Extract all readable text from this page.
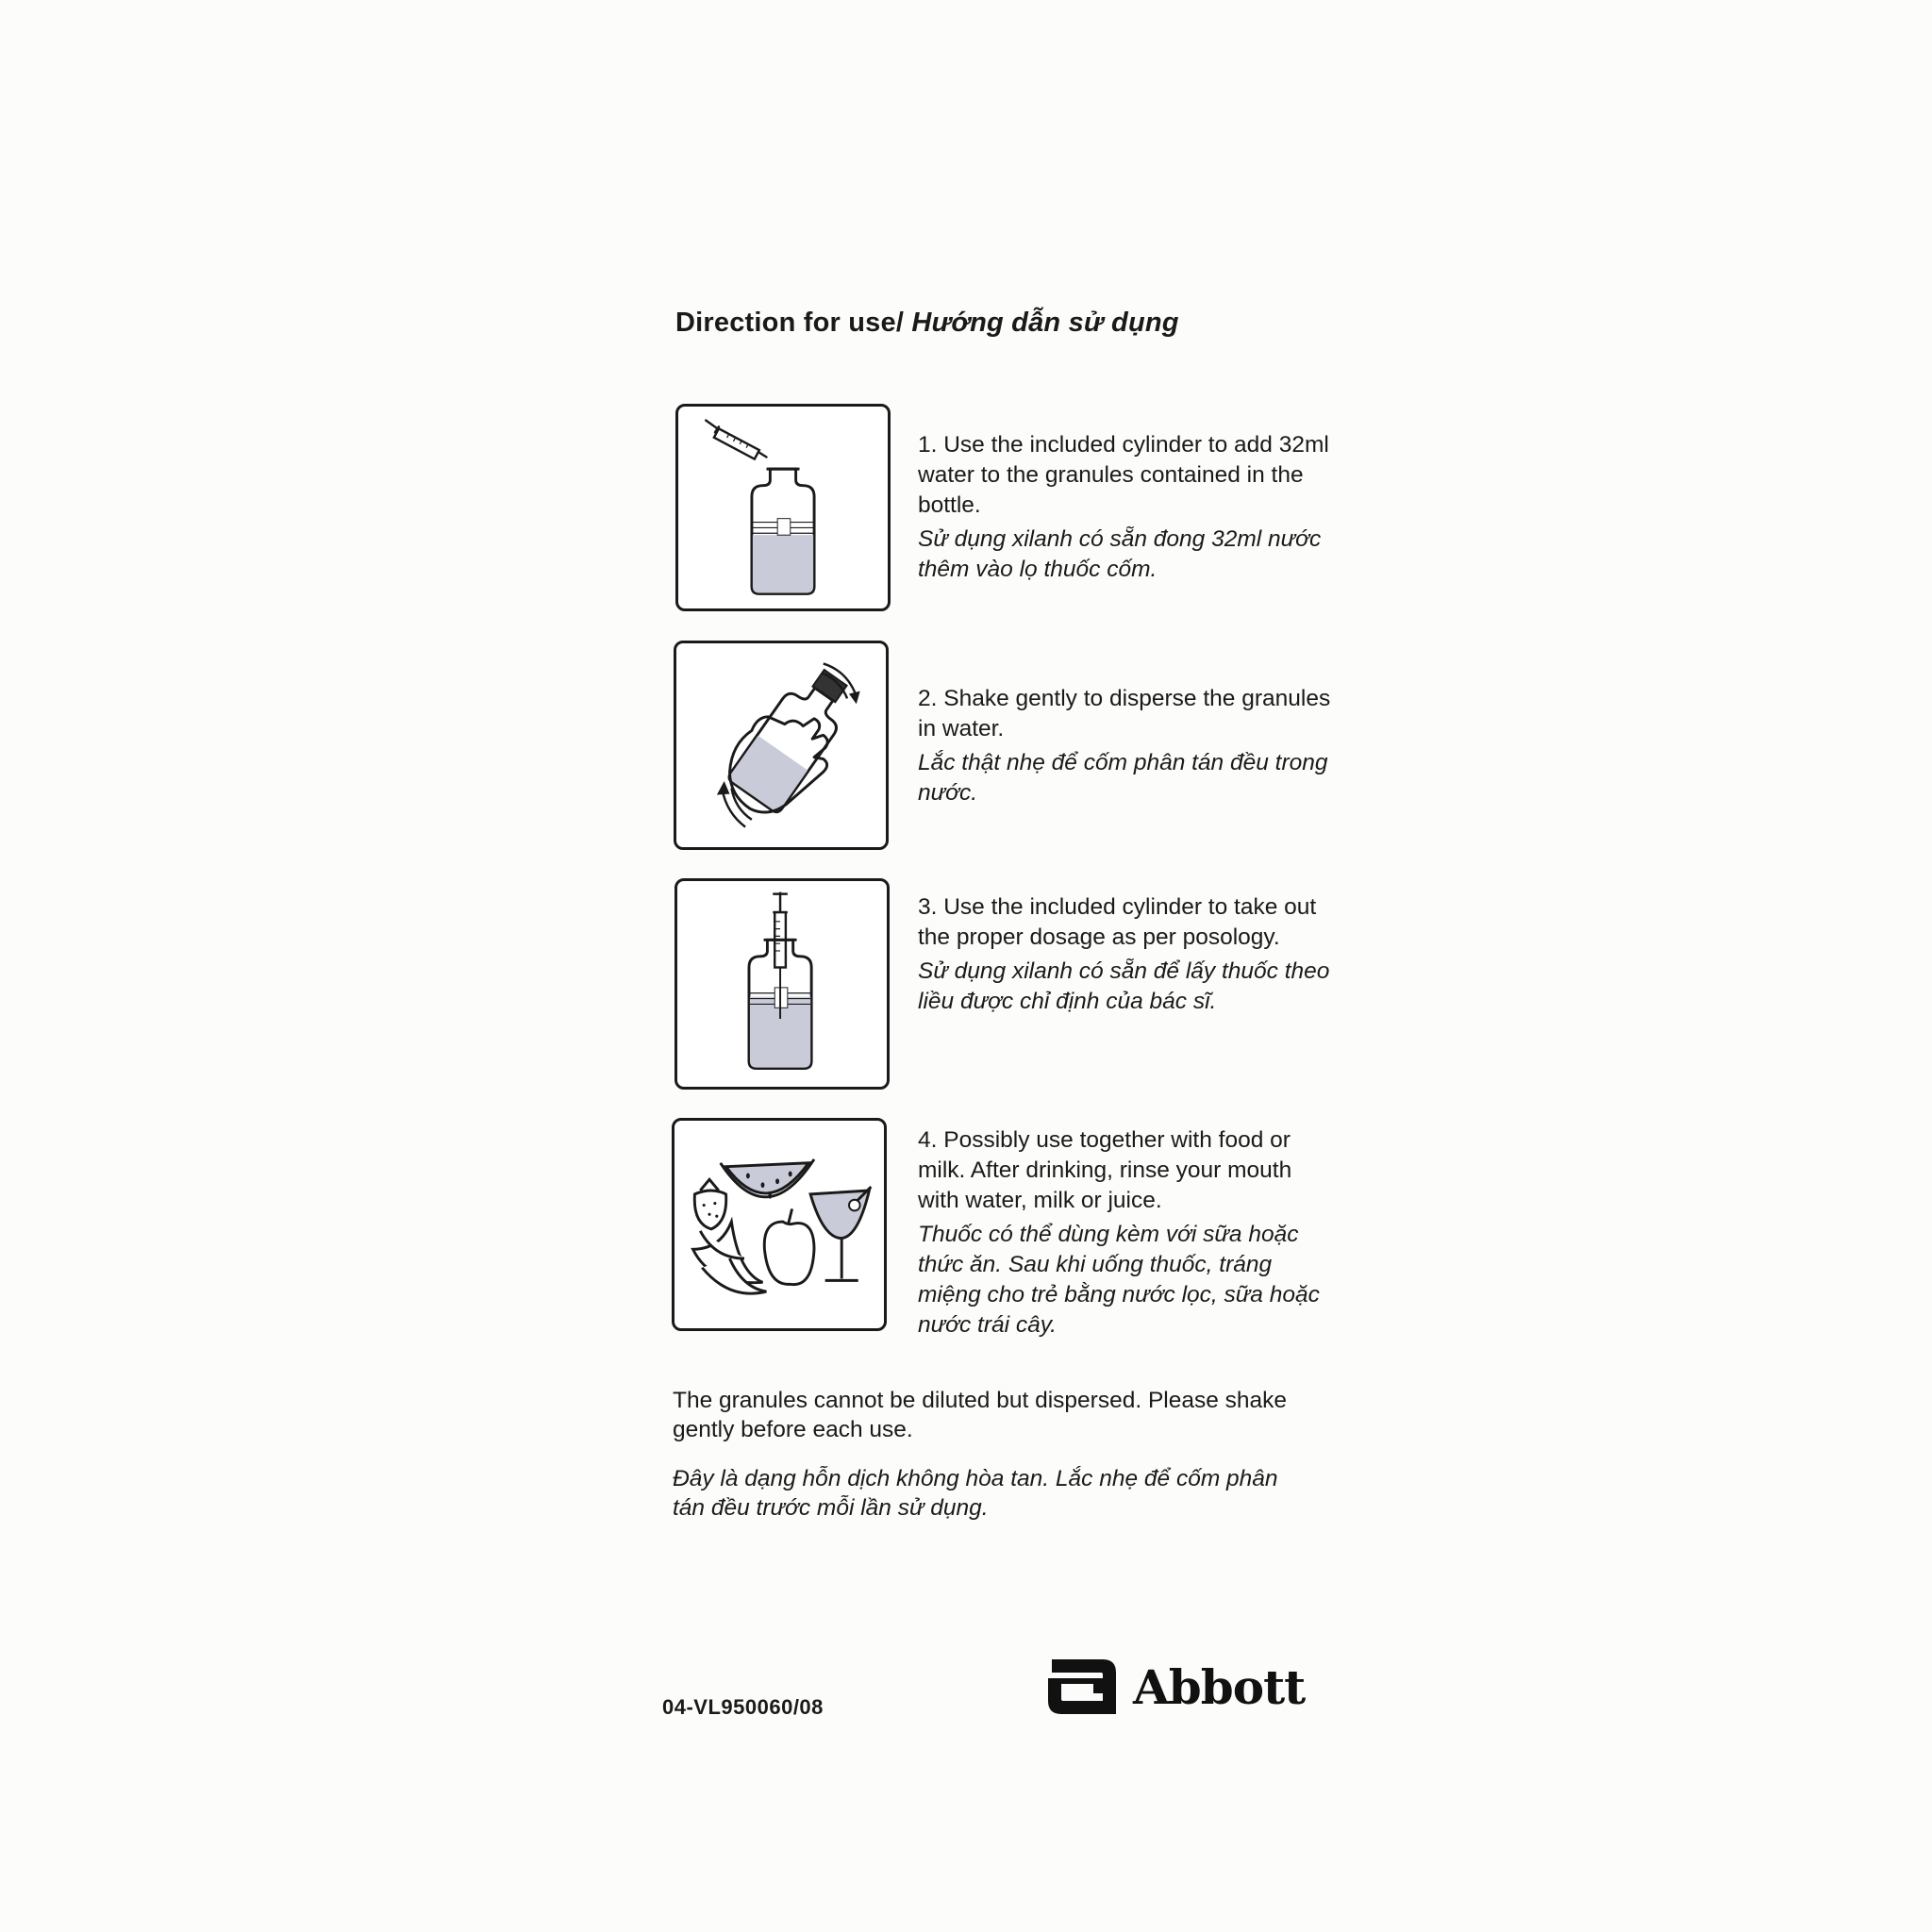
Direction for use/ Hướng dẫn sử dụng
1. Use the included cylinder to add 32ml water to the granules contained in the bottle.
Sử dụng xilanh có sẵn đong 32ml nước thêm vào lọ thuốc cốm.
2. Shake gently to disperse the granules in water.
Lắc thật nhẹ để cốm phân tán đều trong nước.
3. Use the included cylinder to take out the proper dosage as per posology.
Sử dụng xilanh có sẵn để lấy thuốc theo liều được chỉ định của bác sĩ.
4. Possibly use together with food or milk. After drinking, rinse your mouth with water, milk or juice.
Thuốc có thể dùng kèm với sữa hoặc thức ăn. Sau khi uống thuốc, tráng miệng cho trẻ bằng nước lọc, sữa hoặc nước trái cây.
The granules cannot be diluted but dispersed. Please shake gently before each use.
Đây là dạng hỗn dịch không hòa tan. Lắc nhẹ để cốm phân tán đều trước mỗi lần sử dụng.
04-VL950060/08	Abbott
